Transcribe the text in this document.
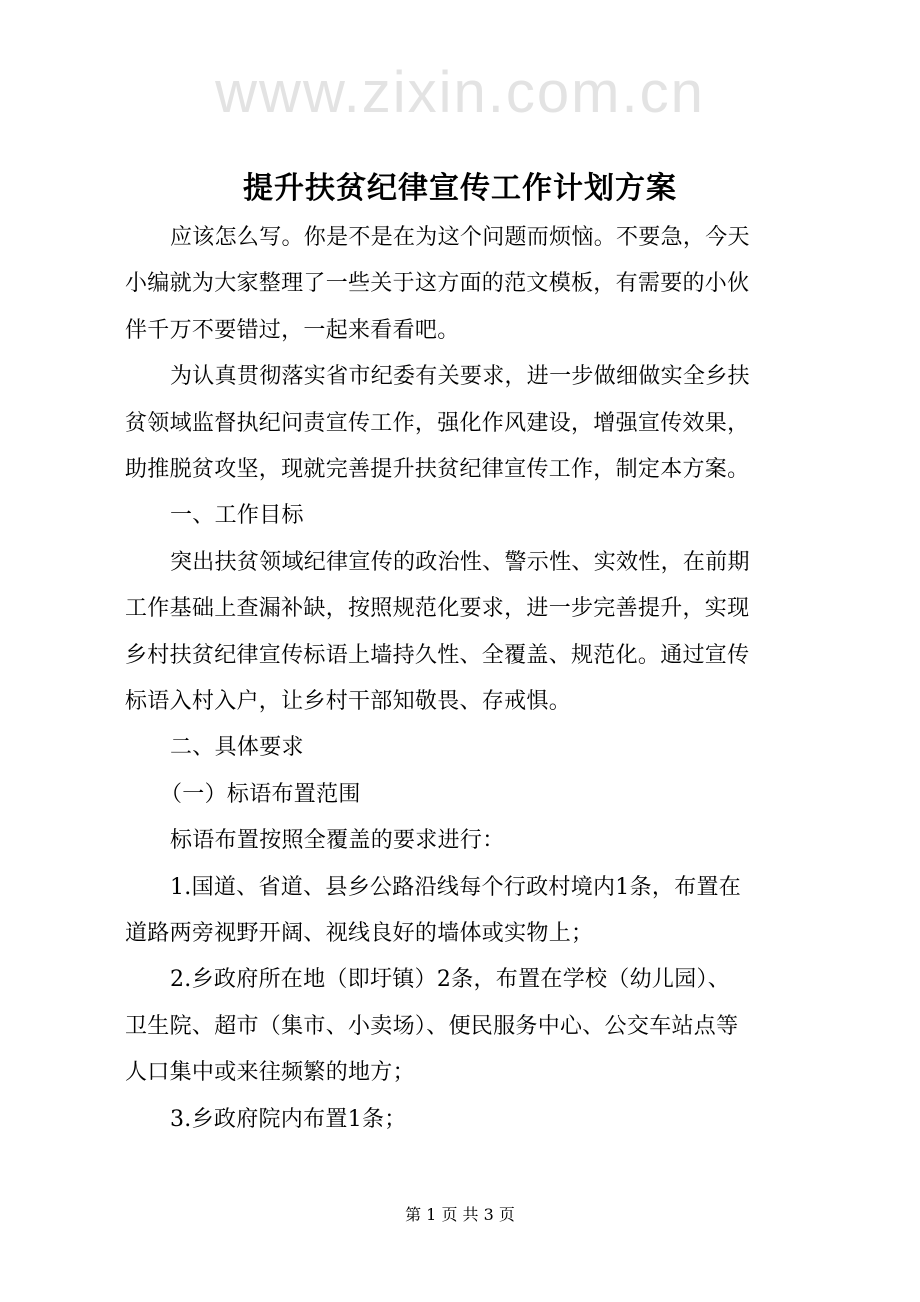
www.zixin.com.cn
提升扶贫纪律宣传工作计划方案
应该怎么写。你是不是在为这个问题而烦恼。不要急，今天
小编就为大家整理了一些关于这方面的范文模板，有需要的小伙
伴千万不要错过，一起来看看吧。
为认真贯彻落实省市纪委有关要求，进一步做细做实全乡扶
贫领域监督执纪问责宣传工作，强化作风建设，增强宣传效果，
助推脱贫攻坚，现就完善提升扶贫纪律宣传工作，制定本方案。
一、工作目标
突出扶贫领域纪律宣传的政治性、警示性、实效性，在前期
工作基础上查漏补缺，按照规范化要求，进一步完善提升，实现
乡村扶贫纪律宣传标语上墙持久性、全覆盖、规范化。通过宣传
标语入村入户，让乡村干部知敬畏、存戒惧。
二、具体要求
（一）标语布置范围
标语布置按照全覆盖的要求进行：
1.国道、省道、县乡公路沿线每个行政村境内1条，布置在
道路两旁视野开阔、视线良好的墙体或实物上；
2.乡政府所在地（即圩镇）2条，布置在学校（幼儿园）、
卫生院、超市（集市、小卖场）、便民服务中心、公交车站点等
人口集中或来往频繁的地方；
3.乡政府院内布置1条；
第 1 页 共 3 页
